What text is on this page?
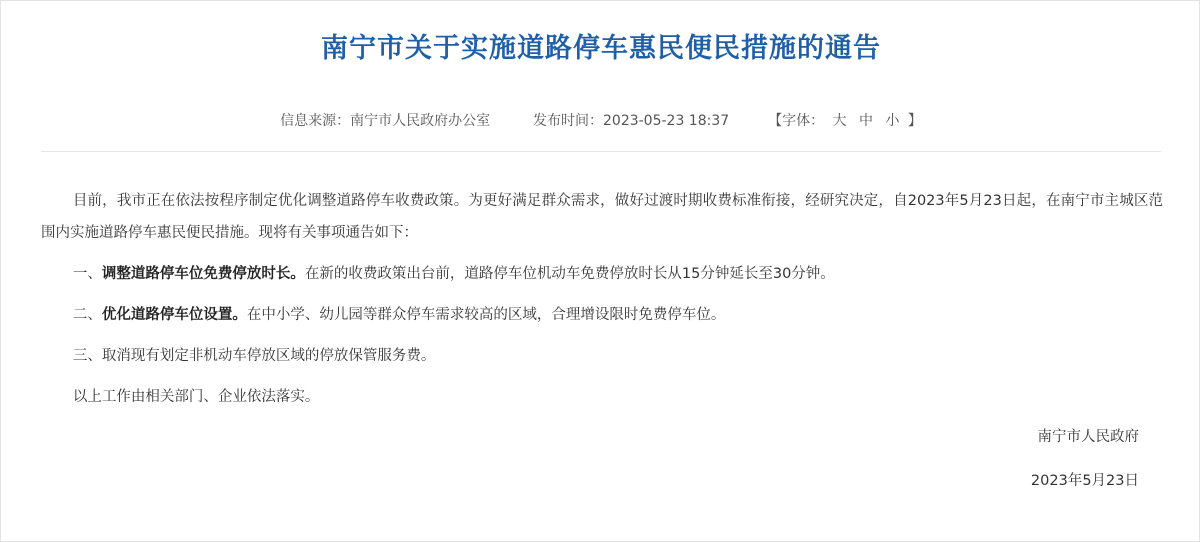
南宁市关于实施道路停车惠民便民措施的通告
信息来源：南宁市人民政府办公室	发布时间：2023-05-23 18:37	【字体： 大 中 小 】

目前，我市正在依法按程序制定优化调整道路停车收费政策。为更好满足群众需求，做好过渡时期收费标准衔接，经研究决定，自2023年5月23日起，在南宁市主城区范围内实施道路停车惠民便民措施。现将有关事项通告如下：

一、调整道路停车位免费停放时长。在新的收费政策出台前，道路停车位机动车免费停放时长从15分钟延长至30分钟。

二、优化道路停车位设置。在中小学、幼儿园等群众停车需求较高的区域，合理增设限时免费停车位。

三、取消现有划定非机动车停放区域的停放保管服务费。

以上工作由相关部门、企业依法落实。

南宁市人民政府
2023年5月23日
